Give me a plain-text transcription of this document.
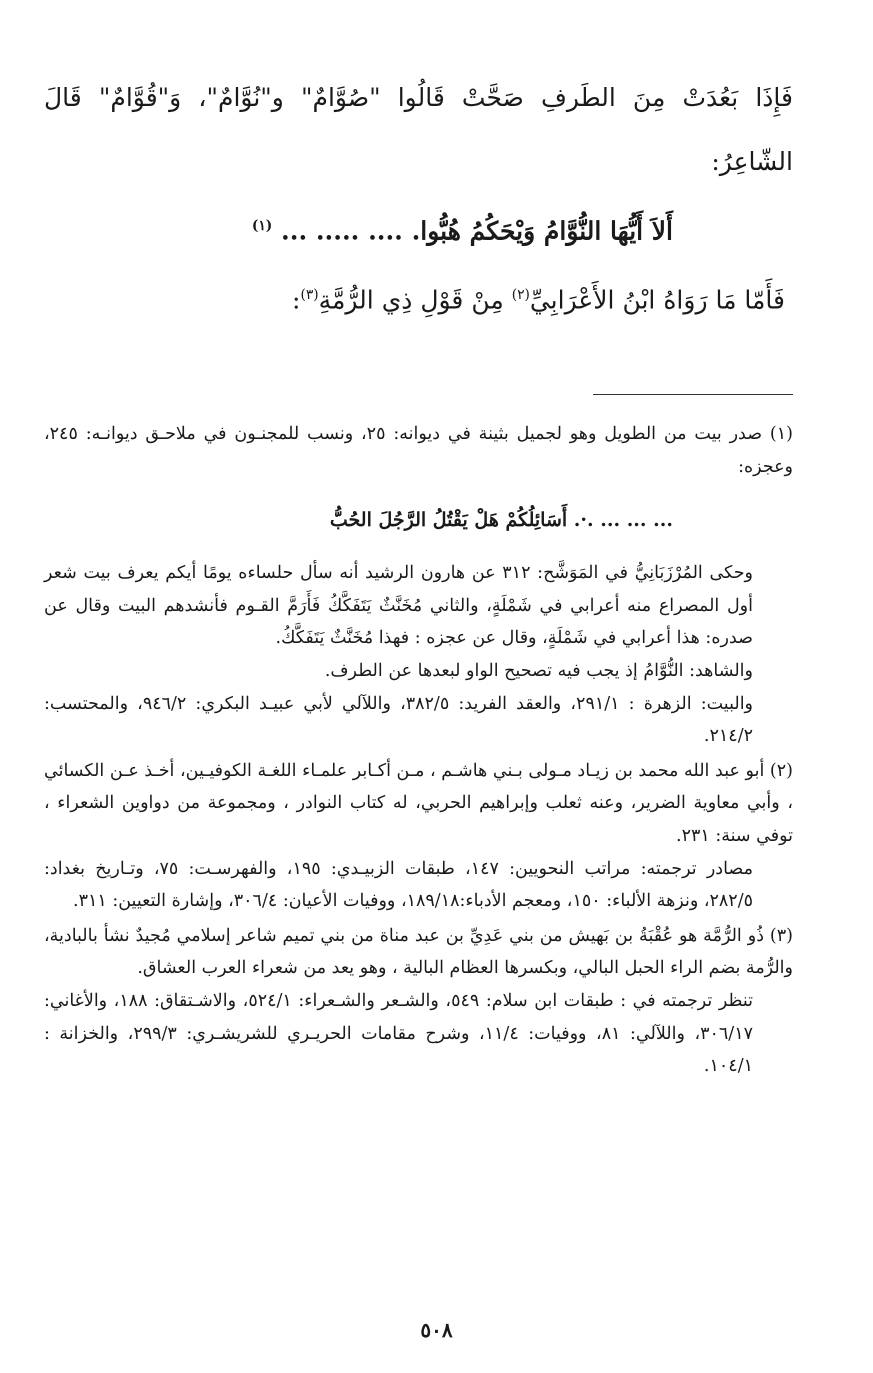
فَإِذَا بَعُدَتْ مِنَ الطَرفِ صَحَّتْ قَالُوا "صُوَّامٌ" و"نُوَّامٌ"، وَ"قُوَّامٌ" قَالَ الشّاعِرُ:

أَلاَ أَيُّهَا النُّوَّامُ وَيْحَكُمُ هُبُّوا. .... ..... ... $^{(١)}$

فَأَمّا مَا رَوَاهُ ابْنُ الأَعْرَابِيِّ$^{(٢)}$ مِنْ قَوْلِ ذِي الرُّمَّةِ$^{(٣)}$:

(١) صدر بيت من الطويل وهو لجميل بثينة في ديوانه: ٢٥، ونسب للمجنـون في ملاحـق ديوانـه: ٢٤٥، وعجزه:

... ... ... .·. أَسَائِلُكُمْ هَلْ يَقْتُلُ الرَّجُلَ الحُبُّ

وحكى المُرْزَبَانِيُّ في المَوَشَّح: ٣١٢ عن هارون الرشيد أنه سأل حلساءه يومًا أيكم يعرف بيت شعر أول المصراع منه أعرابي في شَمْلَةٍ، والثاني مُخَنَّثٌ يَتَفَكَّكُ فَأَرَمَّ القـوم فأنشدهم البيت وقال عن صدره: هذا أعرابي في شَمْلَةٍ، وقال عن عجزه : فهذا مُخَنَّثٌ يَتَفَكَّكُ.

والشاهد: النُّوَّامُ إذ يجب فيه تصحيح الواو لبعدها عن الطرف.

والبيت: الزهرة : ٢٩١/١، والعقد الفريد: ٣٨٢/٥، واللآلي لأبي عبيـد البكري: ٩٤٦/٢، والمحتسب: ٢١٤/٢.

(٢) أبو عبد الله محمد بن زيـاد مـولى بـني هاشـم ، مـن أكـابر علمـاء اللغـة الكوفيـين، أخـذ عـن الكسائي ، وأبي معاوية الضرير، وعنه ثعلب وإبراهيم الحربي، له كتاب النوادر ، ومجموعة من دواوين الشعراء ، توفي سنة: ٢٣١.

مصادر ترجمته: مراتب النحويين: ١٤٧، طبقات الزبيـدي: ١٩٥، والفهرسـت: ٧٥، وتـاريخ بغداد: ٢٨٢/٥، ونزهة الألباء: ١٥٠، ومعجم الأدباء:١٨٩/١٨، ووفيات الأعيان: ٣٠٦/٤، وإشارة التعيين: ٣١١.

(٣) ذُو الرُّمَّة هو عُقْبَةُ بن بَهيش من بني عَدِيِّ بن عبد مناة من بني تميم شاعر إسلامي مُجيدٌ نشأ بالبادية، والرُّمة بضم الراء الحبل البالي، وبكسرها العظام البالية ، وهو يعد من شعراء العرب العشاق.

تنظر ترجمته في : طبقات ابن سلام: ٥٤٩، والشـعر والشـعراء: ٥٢٤/١، والاشـتقاق: ١٨٨، والأغاني: ٣٠٦/١٧، واللآلي: ٨١، ووفيات: ١١/٤، وشرح مقامات الحريـري للشريشـري: ٢٩٩/٣، والخزانة : ١٠٤/١.

٥٠٨
